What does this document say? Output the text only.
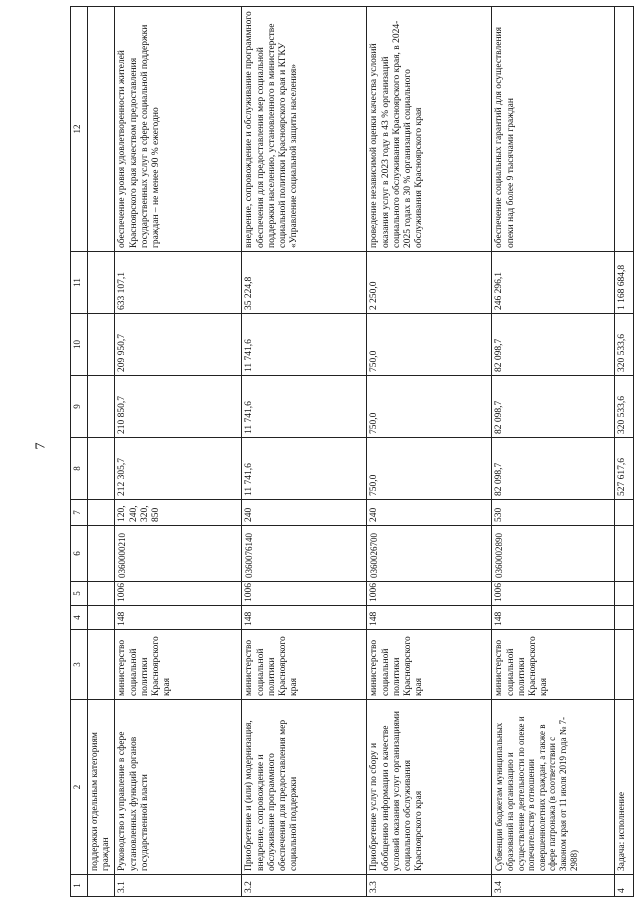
7
1	2	3	4	5	6	7	8	9	10	11	12
	поддержки отдельным категориям граждан										
3.1	Руководство и управление в сфере установленных функций органов государственной власти	министерство социальной политики Красноярского края	148	1006	0360000210	120, 240, 320, 850	212 305,7	210 850,7	209 950,7	633 107,1	обеспечение уровня удовлетворенности жителей Красноярского края качеством предоставления государственных услуг в сфере социальной поддержки граждан – не менее 90 % ежегодно
3.2	Приобретение и (или) модернизация, внедрение, сопровождение и обслуживание программного обеспечения для предоставления мер социальной поддержки	министерство социальной политики Красноярского края	148	1006	0360076140	240	11 741,6	11 741,6	11 741,6	35 224,8	внедрение, сопровождение и обслуживание программного обеспечения для предоставления мер социальной поддержки населению, установленного в министерстве социальной политики Красноярского края и КГКУ «Управление социальной защиты населения»
3.3	Приобретение услуг по сбору и обобщению информации о качестве условий оказания услуг организациями социального обслуживания Красноярского края	министерство социальной политики Красноярского края	148	1006	0360026700	240	750,0	750,0	750,0	2 250,0	проведение независимой оценки качества условий оказания услуг в 2023 году в 43 % организаций социального обслуживания Красноярского края, в 2024-2025 годах в 30 % организаций социального обслуживания Красноярского края
3.4	Субвенции бюджетам муниципальных образований на организацию и осуществление деятельности по опеке и попечительству в отношении совершеннолетних граждан, а также в сфере патронажа (в соответствии с Законом края от 11 июля 2019 года № 7-2988)	министерство социальной политики Красноярского края	148	1006	0360002890	530	82 098,7	82 098,7	82 098,7	246 296,1	обеспечение социальных гарантий для осуществления опеки над более 9 тысячами граждан
4	Задача: исполнение						527 617,6	320 533,6	320 533,6	1 168 684,8	
